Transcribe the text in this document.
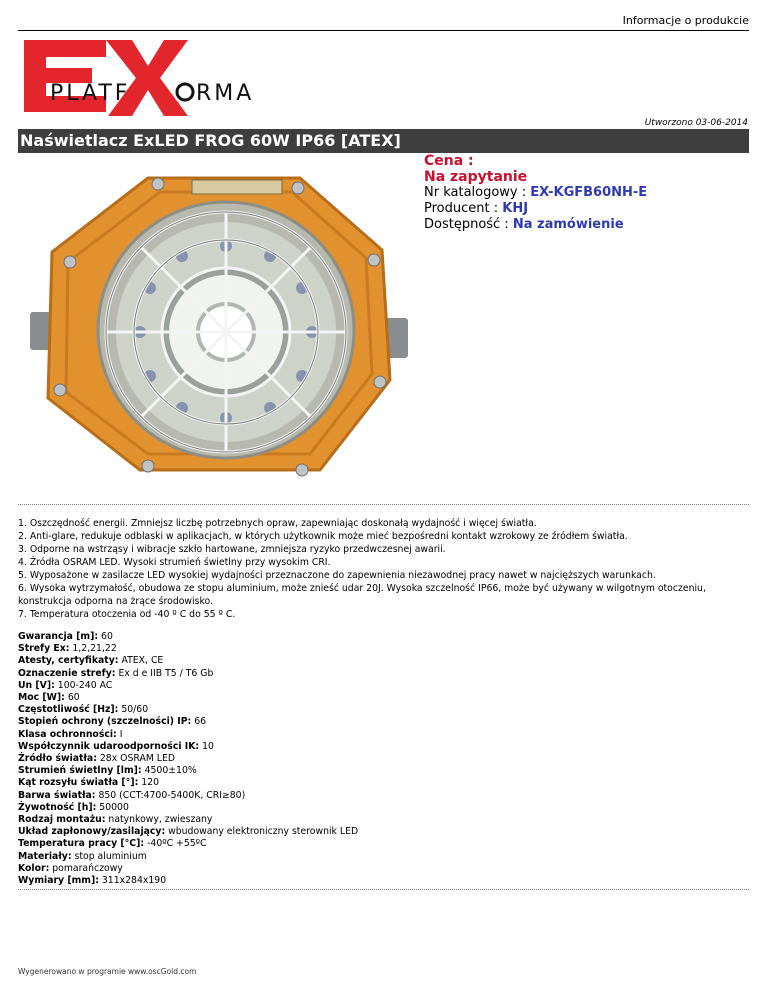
Informacje o produkcie
PLATF	RMA
Utworzono 03-06-2014
Naświetlacz ExLED FROG 60W IP66 [ATEX]
Cena :
Na zapytanie
Nr katalogowy : EX-KGFB60NH-E
Producent : KHJ
Dostępność : Na zamówienie
1. Oszczędność energii. Zmniejsz liczbę potrzebnych opraw, zapewniając doskonałą wydajność i więcej światła.
2. Anti-glare, redukuje odblaski w aplikacjach, w których użytkownik może mieć bezpośredni kontakt wzrokowy ze źródłem światła.
3. Odporne na wstrząsy i wibracje szkło hartowane, zmniejsza ryzyko przedwczesnej awarii.
4. Źródła OSRAM LED. Wysoki strumień świetlny przy wysokim CRI.
5. Wyposażone w zasilacze LED wysokiej wydajności przeznaczone do zapewnienia niezawodnej pracy nawet w najcięższych warunkach.
6. Wysoka wytrzymałość, obudowa ze stopu aluminium, może znieść udar 20J. Wysoka szczelność IP66, może być używany w wilgotnym otoczeniu,
konstrukcja odporna na żrące środowisko.
7. Temperatura otoczenia od -40 º C do 55 º C.
Gwarancja [m]: 60
Strefy Ex: 1,2,21,22
Atesty, certyfikaty: ATEX, CE
Oznaczenie strefy: Ex d e IIB T5 / T6 Gb
Un [V]: 100-240 AC
Moc [W]: 60
Częstotliwość [Hz]: 50/60
Stopień ochrony (szczelności) IP: 66
Klasa ochronności: I
Współczynnik udaroodporności IK: 10
Źródło światła: 28x OSRAM LED
Strumień świetlny [lm]: 4500±10%
Kąt rozsyłu światła [°]: 120
Barwa światła: 850 (CCT:4700-5400K, CRI≥80)
Żywotność [h]: 50000
Rodzaj montażu: natynkowy, zwieszany
Układ zapłonowy/zasilający: wbudowany elektroniczny sterownik LED
Temperatura pracy [°C]: -40ºC +55ºC
Materiały: stop aluminium
Kolor: pomarańczowy
Wymiary [mm]: 311x284x190
Wygenerowano w programie www.oscGold.com
